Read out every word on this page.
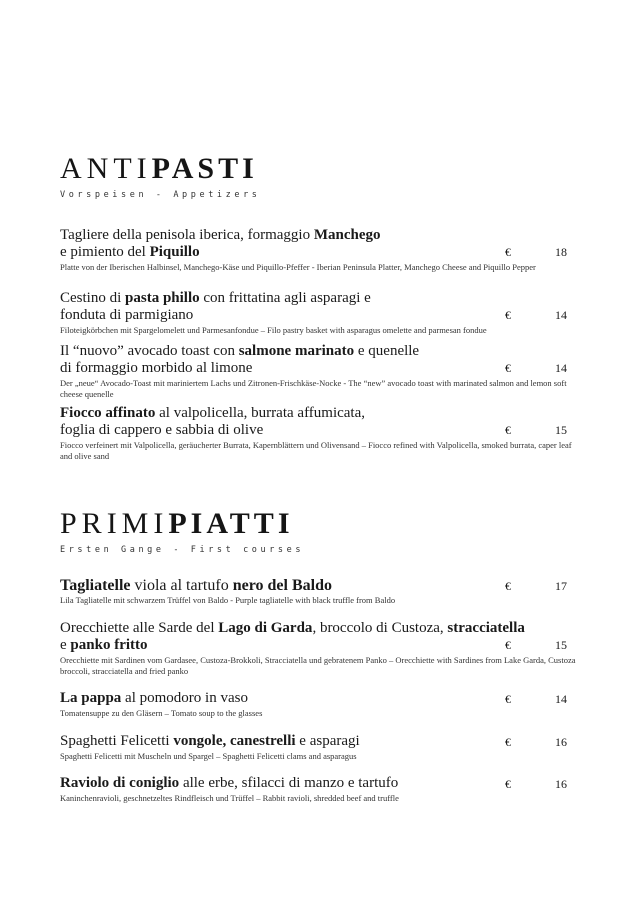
ANTIPASTI
Vorspeisen - Appetizers
Tagliere della penisola iberica, formaggio Manchego
e pimiento del Piquillo	€	18
Platte von der Iberischen Halbinsel, Manchego-Käse und Piquillo-Pfeffer - Iberian Peninsula Platter, Manchego Cheese and Piquillo Pepper
Cestino di pasta phillo con frittatina agli asparagi e
fonduta di parmigiano	€	14
Filoteigkörbchen mit Spargelomelett und Parmesanfondue – Filo pastry basket with asparagus omelette and parmesan fondue
Il “nuovo” avocado toast con salmone marinato e quenelle
di formaggio morbido al limone	€	14
Der „neue“ Avocado-Toast mit mariniertem Lachs und Zitronen-Frischkäse-Nocke - The “new” avocado toast with marinated salmon and lemon soft cheese quenelle
Fiocco affinato al valpolicella, burrata affumicata,
foglia di cappero e sabbia di olive	€	15
Fiocco verfeinert mit Valpolicella, geräucherter Burrata, Kapernblättern und Olivensand – Fiocco refined with Valpolicella, smoked burrata, caper leaf and olive sand
PRIMIPIATTI
Ersten Gange - First courses
Tagliatelle viola al tartufo nero del Baldo	€	17
Lila Tagliatelle mit schwarzem Trüffel von Baldo - Purple tagliatelle with black truffle from Baldo
Orecchiette alle Sarde del Lago di Garda, broccolo di Custoza, stracciatella
e panko fritto	€	15
Orecchiette mit Sardinen vom Gardasee, Custoza-Brokkoli, Stracciatella und gebratenem Panko – Orecchiette with Sardines from Lake Garda, Custoza broccoli, stracciatella and fried panko
La pappa al pomodoro in vaso	€	14
Tomatensuppe zu den Gläsern – Tomato soup to the glasses
Spaghetti Felicetti vongole, canestrelli e asparagi	€	16
Spaghetti Felicetti mit Muscheln und Spargel – Spaghetti Felicetti clams and asparagus
Raviolo di coniglio alle erbe, sfilacci di manzo e tartufo	€	16
Kaninchenravioli, geschnetzeltes Rindfleisch und Trüffel – Rabbit ravioli, shredded beef and truffle
